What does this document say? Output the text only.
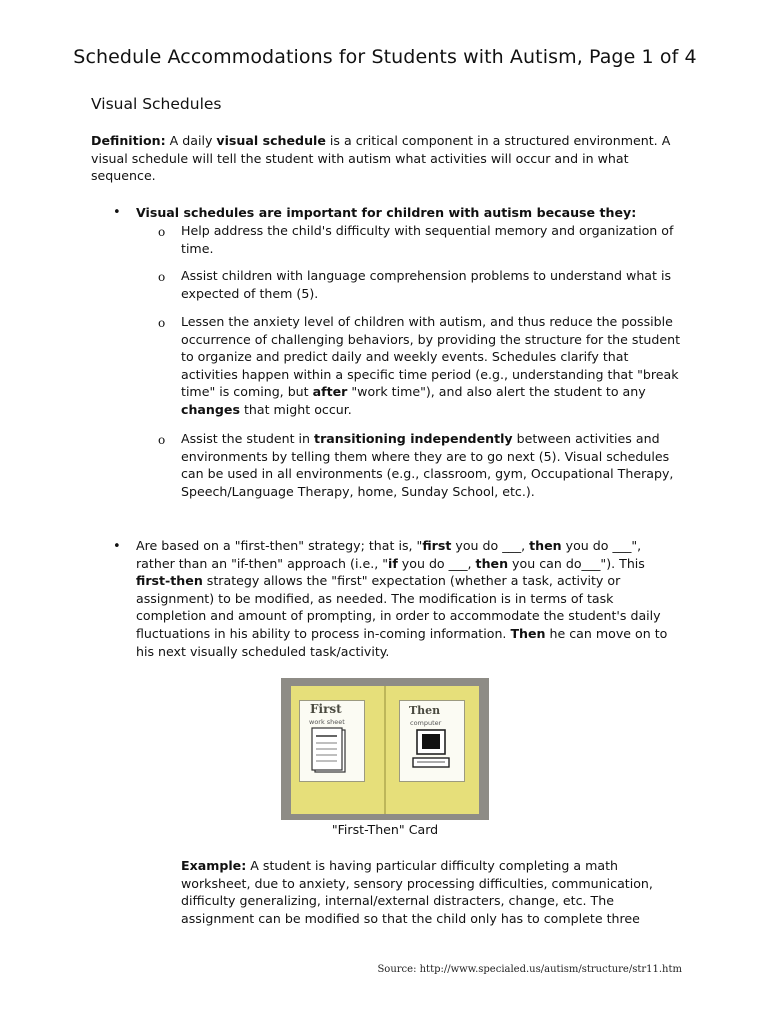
Schedule Accommodations for Students with Autism, Page 1 of 4
Visual Schedules
Definition: A daily visual schedule is a critical component in a structured environment. A visual schedule will tell the student with autism what activities will occur and in what sequence.
• Visual schedules are important for children with autism because they:
o Help address the child's difficulty with sequential memory and organization of time.
o Assist children with language comprehension problems to understand what is expected of them (5).
o Lessen the anxiety level of children with autism, and thus reduce the possible occurrence of challenging behaviors, by providing the structure for the student to organize and predict daily and weekly events. Schedules clarify that activities happen within a specific time period (e.g., understanding that "break time" is coming, but after "work time"), and also alert the student to any changes that might occur.
o Assist the student in transitioning independently between activities and environments by telling them where they are to go next (5). Visual schedules can be used in all environments (e.g., classroom, gym, Occupational Therapy, Speech/Language Therapy, home, Sunday School, etc.).
• Are based on a "first-then" strategy; that is, "first you do ___, then you do ___", rather than an "if-then" approach (i.e., "if you do ___, then you can do___"). This first-then strategy allows the "first" expectation (whether a task, activity or assignment) to be modified, as needed. The modification is in terms of task completion and amount of prompting, in order to accommodate the student's daily fluctuations in his ability to process in-coming information. Then he can move on to his next visually scheduled task/activity.
First
work sheet
Then
computer
"First-Then" Card
Example: A student is having particular difficulty completing a math worksheet, due to anxiety, sensory processing difficulties, communication, difficulty generalizing, internal/external distracters, change, etc. The assignment can be modified so that the child only has to complete three
Source: http://www.specialed.us/autism/structure/str11.htm
